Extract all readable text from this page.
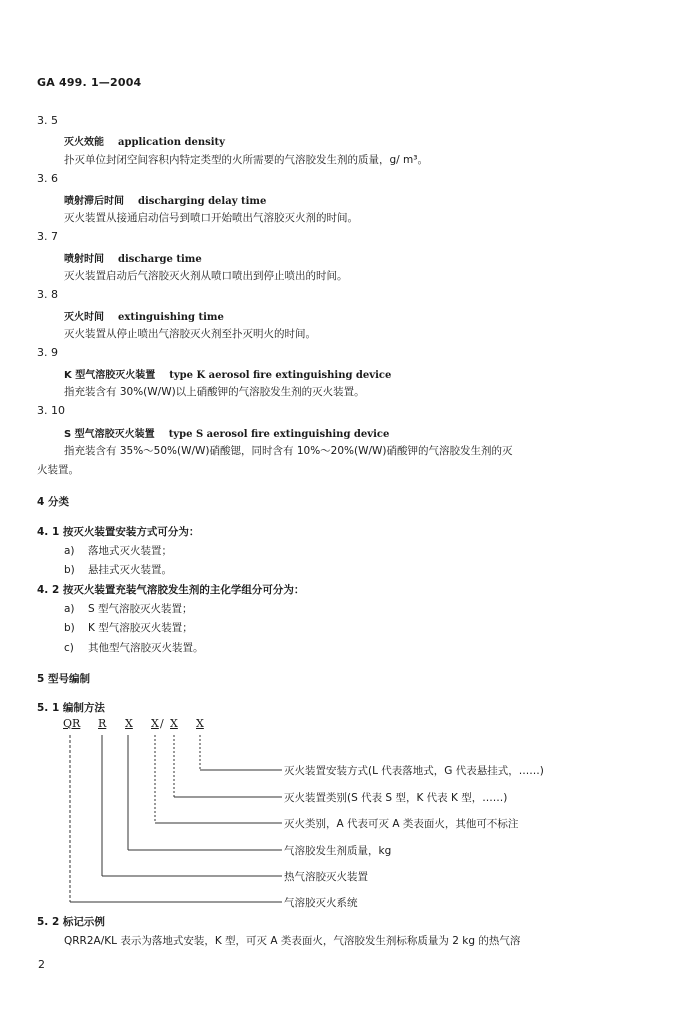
GA 499. 1—2004
3. 5
灭火效能 application density
扑灭单位封闭空间容积内特定类型的火所需要的气溶胶发生剂的质量，g/ m³。
3. 6
喷射滞后时间 discharging delay time
灭火装置从接通启动信号到喷口开始喷出气溶胶灭火剂的时间。
3. 7
喷射时间 discharge time
灭火装置启动后气溶胶灭火剂从喷口喷出到停止喷出的时间。
3. 8
灭火时间 extinguishing time
灭火装置从停止喷出气溶胶灭火剂至扑灭明火的时间。
3. 9
K 型气溶胶灭火装置 type K aerosol fire extinguishing device
指充装含有 30%(W/W)以上硝酸钾的气溶胶发生剂的灭火装置。
3. 10
S 型气溶胶灭火装置 type S aerosol fire extinguishing device
指充装含有 35%～50%(W/W)硝酸锶，同时含有 10%～20%(W/W)硝酸钾的气溶胶发生剂的灭
火装置。
4 分类
4. 1 按灭火装置安装方式可分为：
a) 落地式灭火装置；
b) 悬挂式灭火装置。
4. 2 按灭火装置充装气溶胶发生剂的主化学组分可分为：
a) S 型气溶胶灭火装置；
b) K 型气溶胶灭火装置；
c) 其他型气溶胶灭火装置。
5 型号编制
5. 1 编制方法
QR R X X / X X
灭火装置安装方式(L 代表落地式，G 代表悬挂式，……)
灭火装置类别(S 代表 S 型，K 代表 K 型，……)
灭火类别，A 代表可灭 A 类表面火，其他可不标注
气溶胶发生剂质量，kg
热气溶胶灭火装置
气溶胶灭火系统
5. 2 标记示例
QRR2A/KL 表示为落地式安装，K 型，可灭 A 类表面火，气溶胶发生剂标称质量为 2 kg 的热气溶
2
